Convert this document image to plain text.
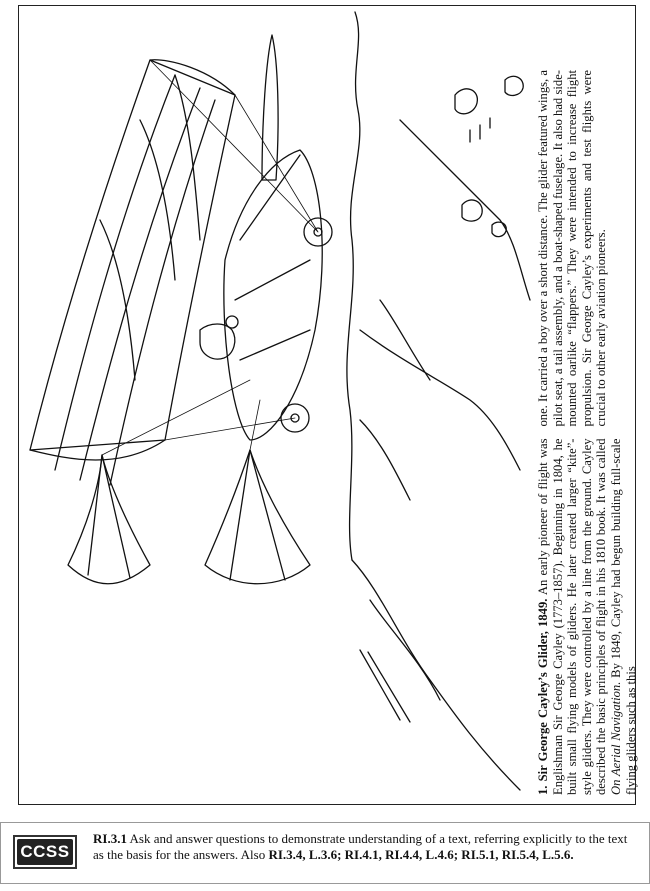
1. Sir George Cayley’s Glider, 1849. An early pioneer of flight was Englishman Sir George Cayley (1773–1857). Beginning in 1804, he built small flying models of gliders. He later created larger “kite”-style gliders. They were controlled by a line from the ground. Cayley described the basic principles of flight in his 1810 book. It was called On Aerial Navigation. By 1849, Cayley had begun building full-scale flying gliders such as this
one. It carried a boy over a short distance. The glider featured wings, a pilot seat, a tail assembly, and a boat-shaped fuselage. It also had side-mounted oarlike “flappers.” They were intended to increase flight propulsion. Sir George Cayley’s experiments and test flights were crucial to other early aviation pioneers.
CCSS
RI.3.1 Ask and answer questions to demonstrate understanding of a text, referring explicitly to the text as the basis for the answers. Also RI.3.4, L.3.6; RI.4.1, RI.4.4, L.4.6; RI.5.1, RI.5.4, L.5.6.
